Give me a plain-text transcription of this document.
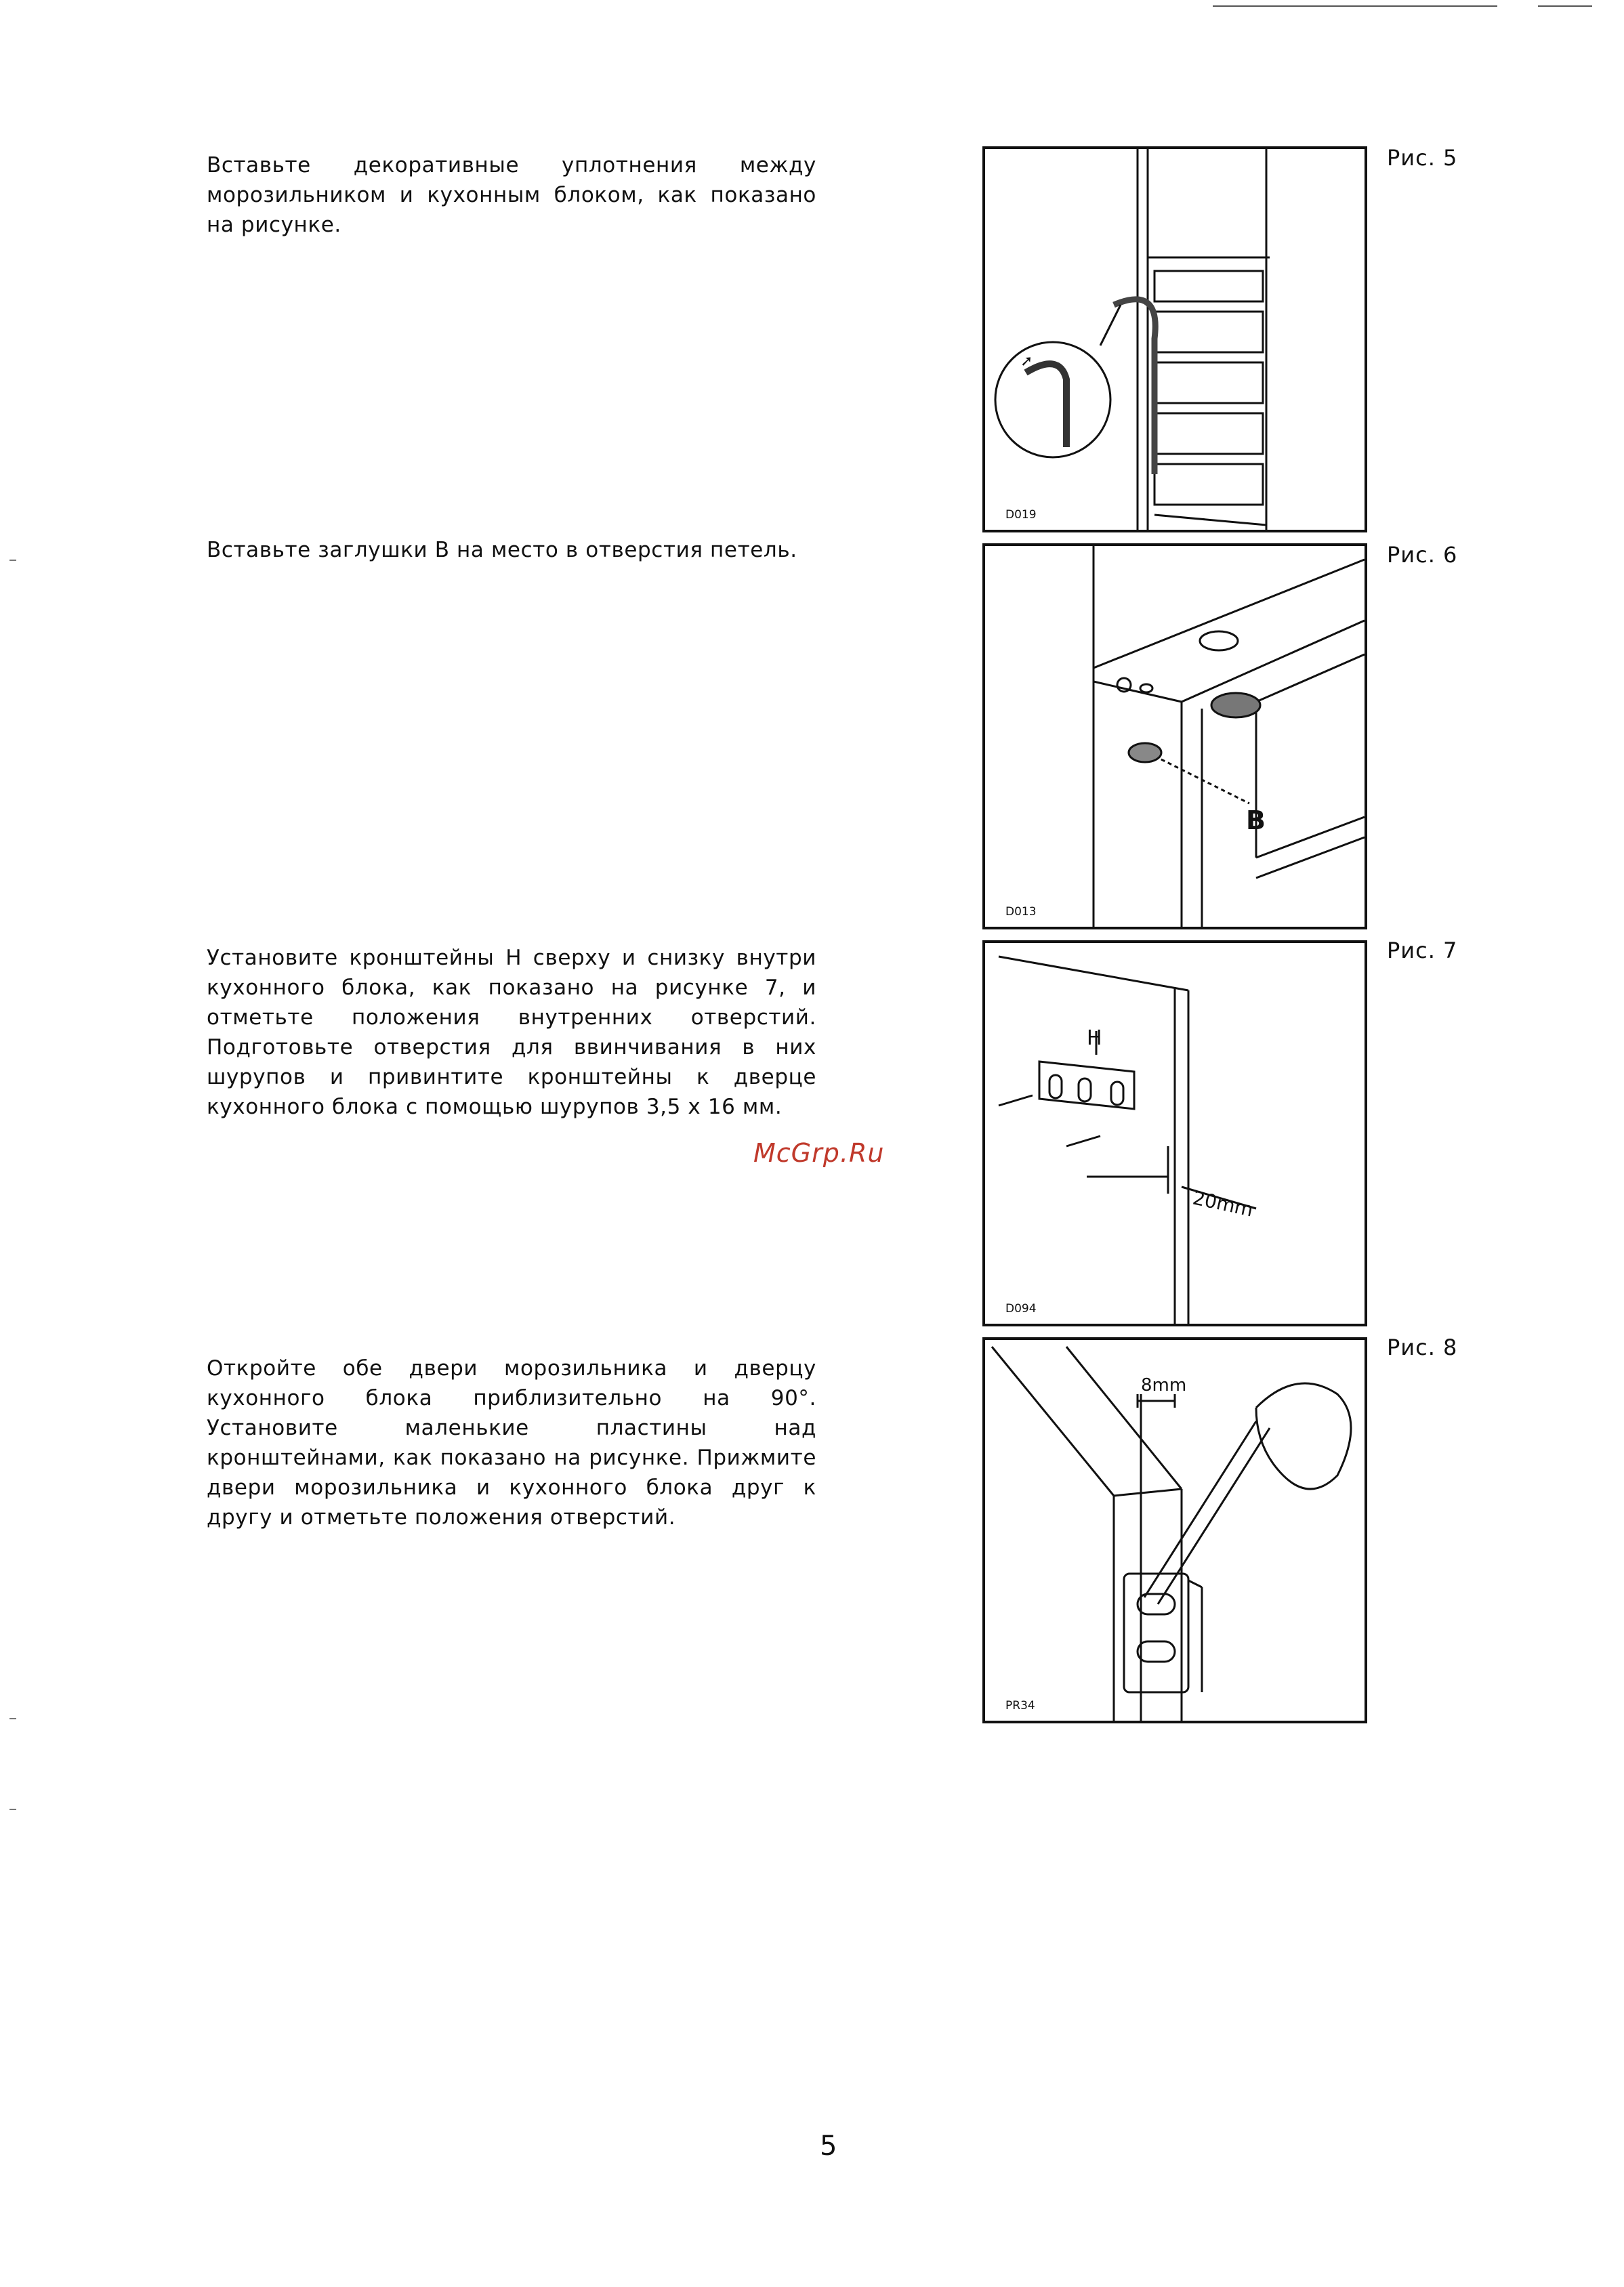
Вставьте декоративные уплотнения между морозильником и кухонным блоком, как показано на рисунке.
Вставьте заглушки B на место в отверстия петель.
Установите кронштейны H сверху и снизку внутри кухонного блока, как показано на рисунке 7, и отметьте положения внутренних отверстий. Подготовьте отверстия для ввинчивания в них шурупов и привинтите кронштейны к дверце кухонного блока с помощью шурупов 3,5 x 16 мм.
Откройте обе двери морозильника и дверцу кухонного блока приблизительно на 90°. Установите маленькие пластины над кронштейнами, как показано на рисунке. Прижмите двери морозильника и кухонного блока друг к другу и отметьте положения отверстий.
➚
D019
Рис. 5
B
D013
Рис. 6
H
20mm
D094
Рис. 7
8mm
PR34
Рис. 8
McGrp.Ru
5
